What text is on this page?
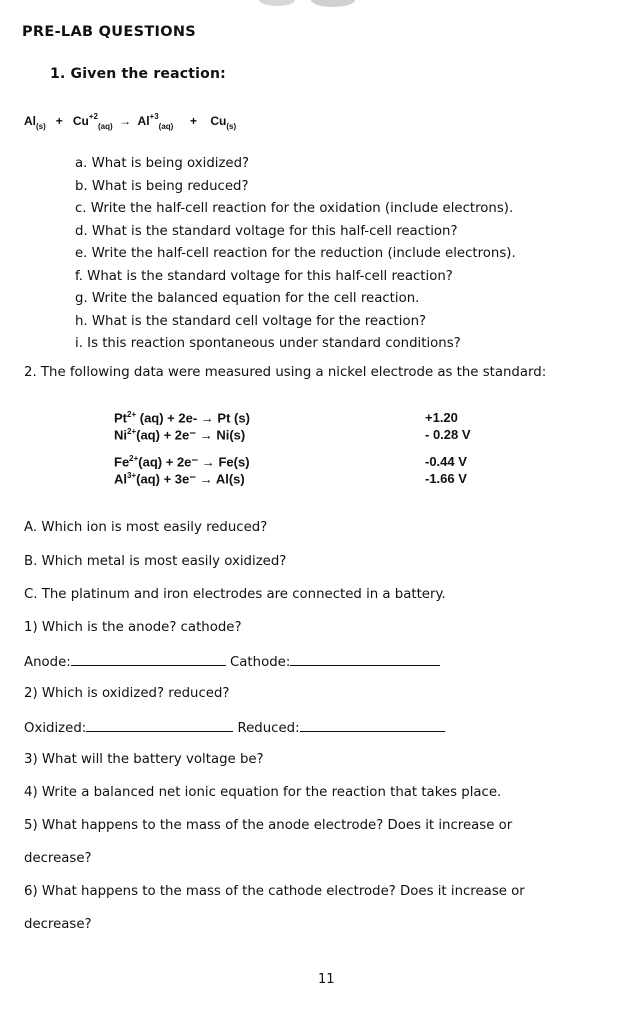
PRE-LAB QUESTIONS
1. Given the reaction:
$Al_{(s)} + Cu^{+2}_{(aq)} \to Al^{+3}_{(aq)} + Cu_{(s)}$
a. What is being oxidized?
b. What is being reduced?
c. Write the half-cell reaction for the oxidation (include electrons).
d. What is the standard voltage for this half-cell reaction?
e. Write the half-cell reaction for the reduction (include electrons).
f. What is the standard voltage for this half-cell reaction?
g. Write the balanced equation for the cell reaction.
h. What is the standard cell voltage for the reaction?
i. Is this reaction spontaneous under standard conditions?
2. The following data were measured using a nickel electrode as the standard:
$Pt^{2+}$ (aq) + 2e- → Pt (s)	+1.20
$Ni^{2+}(aq) + 2e^- \to Ni(s)$	- 0.28 V
$Fe^{2+}(aq) + 2e^- \to Fe(s)$	-0.44 V
$Al^{3+}(aq) + 3e^- \to Al(s)$	-1.66 V
A. Which ion is most easily reduced?
B. Which metal is most easily oxidized?
C. The platinum and iron electrodes are connected in a battery.
1) Which is the anode? cathode?
Anode:	Cathode:
2) Which is oxidized? reduced?
Oxidized:	Reduced:
3) What will the battery voltage be?
4) Write a balanced net ionic equation for the reaction that takes place.
5) What happens to the mass of the anode electrode? Does it increase or
decrease?
6) What happens to the mass of the cathode electrode? Does it increase or
decrease?
11
